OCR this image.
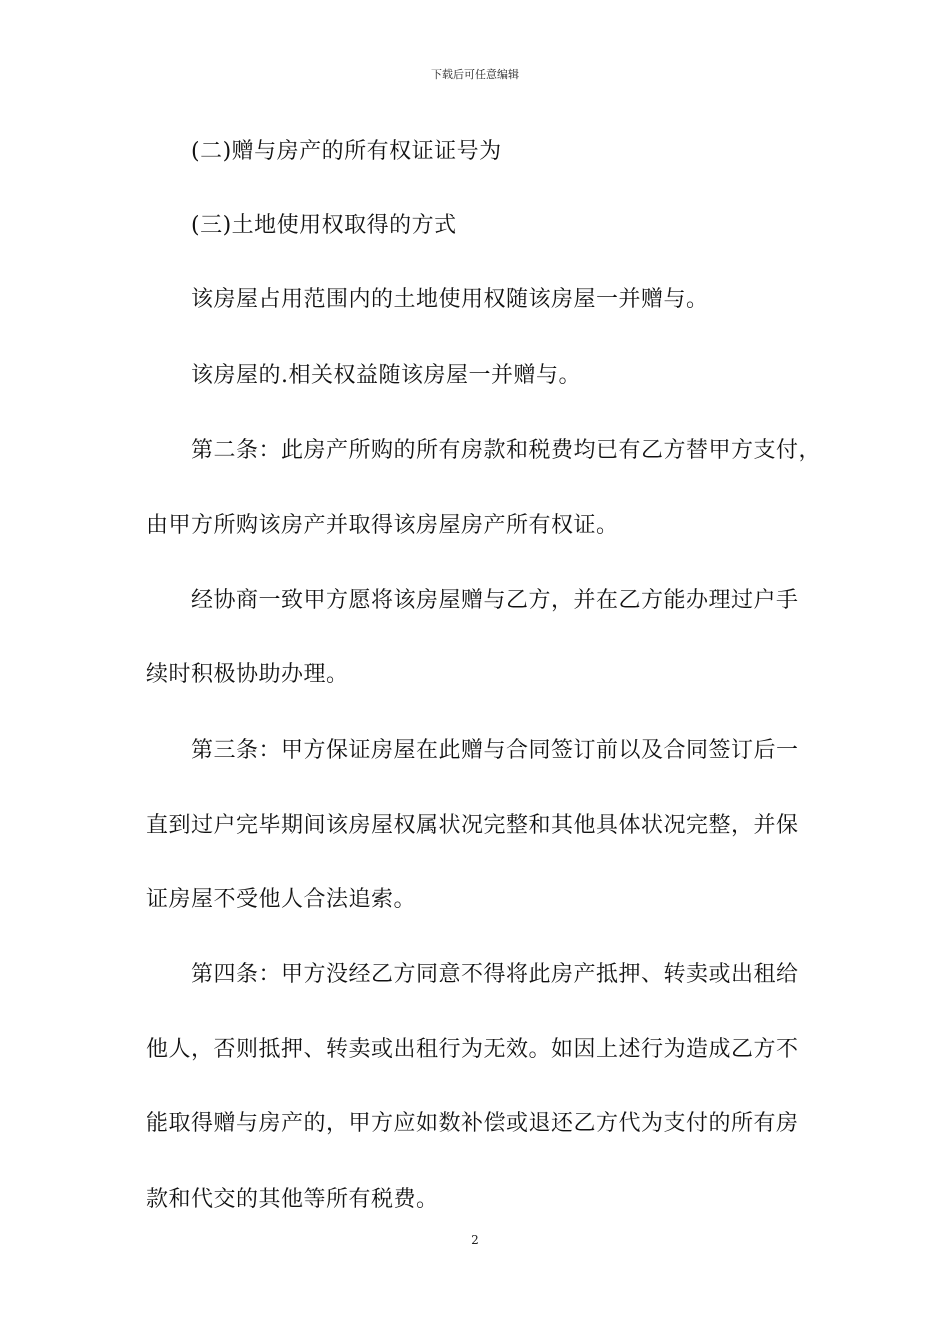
下载后可任意编辑
(二)赠与房产的所有权证证号为
(三)土地使用权取得的方式
该房屋占用范围内的土地使用权随该房屋一并赠与。
该房屋的.相关权益随该房屋一并赠与。
第二条：此房产所购的所有房款和税费均已有乙方替甲方支付，
由甲方所购该房产并取得该房屋房产所有权证。
经协商一致甲方愿将该房屋赠与乙方，并在乙方能办理过户手
续时积极协助办理。
第三条：甲方保证房屋在此赠与合同签订前以及合同签订后一
直到过户完毕期间该房屋权属状况完整和其他具体状况完整，并保
证房屋不受他人合法追索。
第四条：甲方没经乙方同意不得将此房产抵押、转卖或出租给
他人，否则抵押、转卖或出租行为无效。如因上述行为造成乙方不
能取得赠与房产的，甲方应如数补偿或退还乙方代为支付的所有房
款和代交的其他等所有税费。
2
